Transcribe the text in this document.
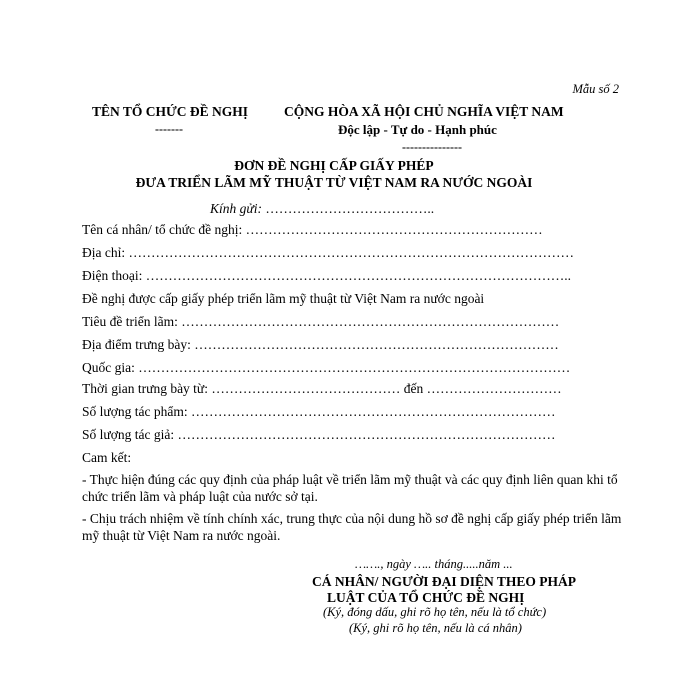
Mẫu số 2
TÊN TỔ CHỨC ĐỀ NGHỊ
-------
CỘNG HÒA XÃ HỘI CHỦ NGHĨA VIỆT NAM
Độc lập - Tự do - Hạnh phúc
---------------
ĐƠN ĐỀ NGHỊ CẤP GIẤY PHÉP
ĐƯA TRIỂN LÃM MỸ THUẬT TỪ VIỆT NAM RA NƯỚC NGOÀI
Kính gửi: ………………………………..
Tên cá nhân/ tổ chức đề nghị: …………………………………………………………
Địa chỉ: ………………………………………………………………………………………
Điện thoại: …………………………………………………………………………………..
Đề nghị được cấp giấy phép triển lãm mỹ thuật từ Việt Nam ra nước ngoài
Tiêu đề triển lãm: …………………………………………………………………………
Địa điểm trưng bày: ………………………………………………………………………
Quốc gia: ……………………………………………………………………………………
Thời gian trưng bày từ: …………………………………… đến …………………………
Số lượng tác phẩm: ………………………………………………………………………
Số lượng tác giả: …………………………………………………………………………
Cam kết:
- Thực hiện đúng các quy định của pháp luật về triển lãm mỹ thuật và các quy định liên quan khi tổ chức triển lãm và pháp luật của nước sở tại.
- Chịu trách nhiệm về tính chính xác, trung thực của nội dung hồ sơ đề nghị cấp giấy phép triển lãm mỹ thuật từ Việt Nam ra nước ngoài.
……., ngày ….. tháng.....năm ...
CÁ NHÂN/ NGƯỜI ĐẠI DIỆN THEO PHÁP
LUẬT CỦA TỔ CHỨC ĐỀ NGHỊ
(Ký, đóng dấu, ghi rõ họ tên, nếu là tổ chức)
(Ký, ghi rõ họ tên, nếu là cá nhân)
